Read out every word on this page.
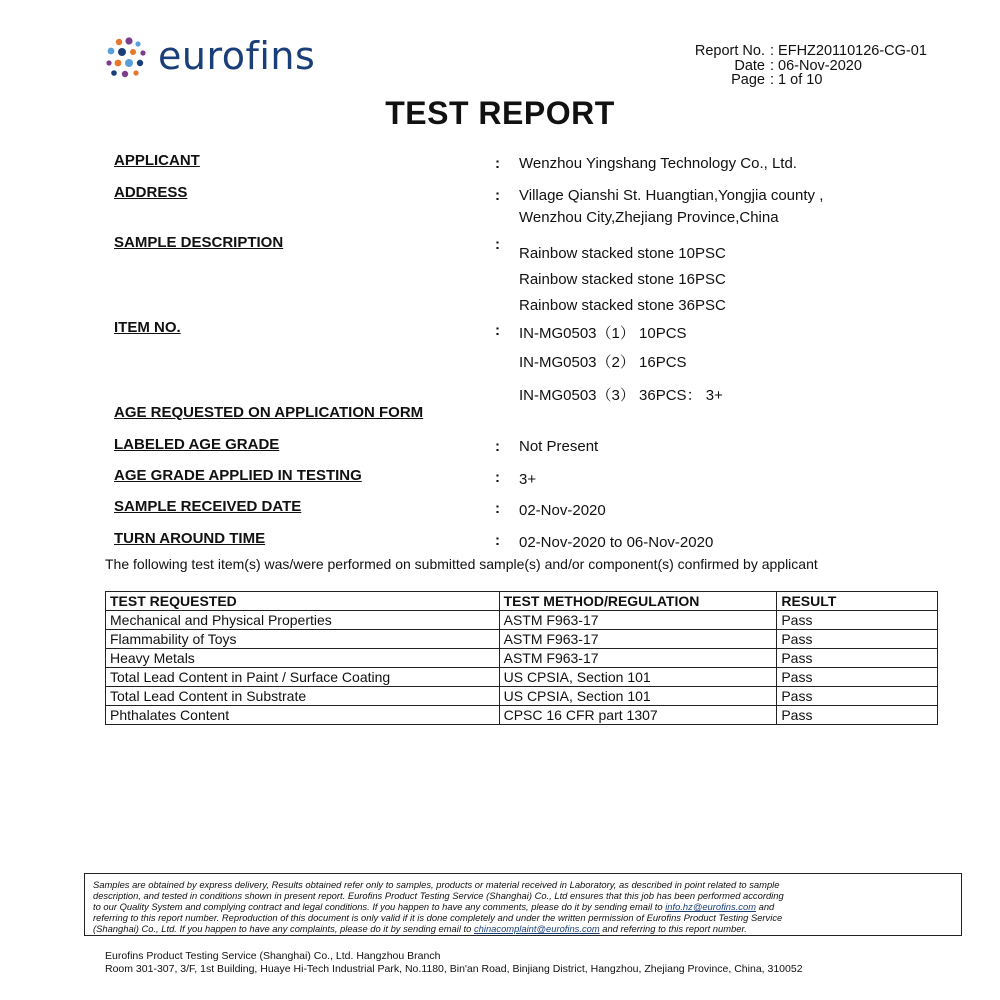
eurofins	Report No. : EFHZ20110126-CG-01
Date : 06-Nov-2020
Page : 1 of 10
TEST REPORT
APPLICANT	: Wenzhou Yingshang Technology Co., Ltd.
ADDRESS	: Village Qianshi St. Huangtian,Yongjia county ,
Wenzhou City,Zhejiang Province,China
SAMPLE DESCRIPTION	:
Rainbow stacked stone 10PSC
Rainbow stacked stone 16PSC
Rainbow stacked stone 36PSC
ITEM NO.	: IN-MG0503（1） 10PCS
IN-MG0503（2） 16PCS
IN-MG0503（3） 36PCS： 3+
AGE REQUESTED ON APPLICATION FORM
LABELED AGE GRADE	: Not Present
AGE GRADE APPLIED IN TESTING	: 3+
SAMPLE RECEIVED DATE	: 02-Nov-2020
TURN AROUND TIME	: 02-Nov-2020 to 06-Nov-2020
The following test item(s) was/were performed on submitted sample(s) and/or component(s) confirmed by applicant
TEST REQUESTED	TEST METHOD/REGULATION	RESULT
Mechanical and Physical Properties	ASTM F963-17	Pass
Flammability of Toys	ASTM F963-17	Pass
Heavy Metals	ASTM F963-17	Pass
Total Lead Content in Paint / Surface Coating	US CPSIA, Section 101	Pass
Total Lead Content in Substrate	US CPSIA, Section 101	Pass
Phthalates Content	CPSC 16 CFR part 1307	Pass
Samples are obtained by express delivery, Results obtained refer only to samples, products or material received in Laboratory, as described in point related to sample
description, and tested in conditions shown in present report. Eurofins Product Testing Service (Shanghai) Co., Ltd ensures that this job has been performed according
to our Quality System and complying contract and legal conditions. If you happen to have any comments, please do it by sending email to info.hz@eurofins.com and
referring to this report number. Reproduction of this document is only valid if it is done completely and under the written permission of Eurofins Product Testing Service
(Shanghai) Co., Ltd. If you happen to have any complaints, please do it by sending email to chinacomplaint@eurofins.com and referring to this report number.
Eurofins Product Testing Service (Shanghai) Co., Ltd. Hangzhou Branch
Room 301-307, 3/F, 1st Building, Huaye Hi-Tech Industrial Park, No.1180, Bin'an Road, Binjiang District, Hangzhou, Zhejiang Province, China, 310052
